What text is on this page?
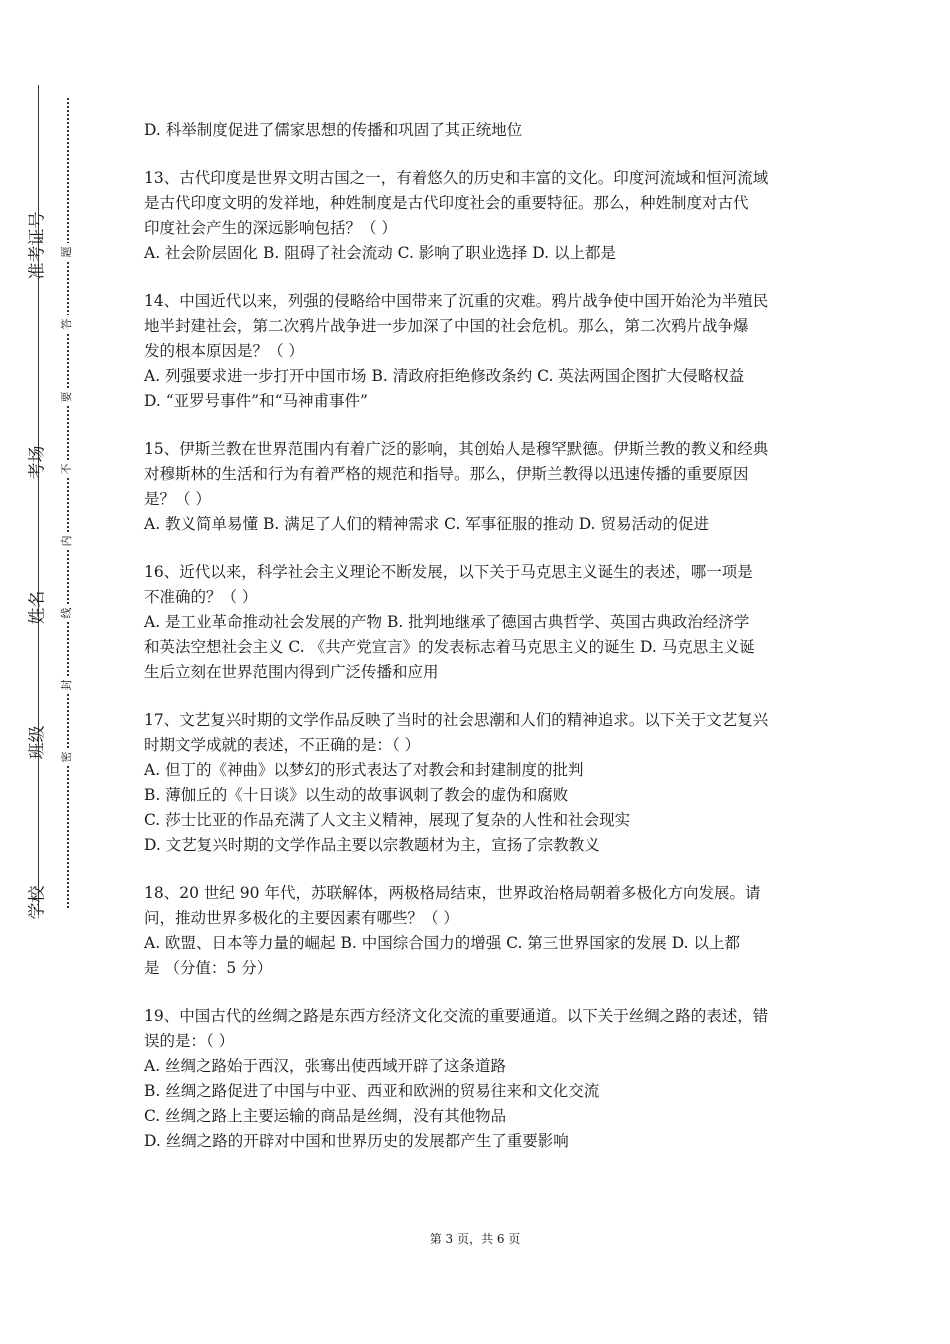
准考证号
考场
姓名
班级
学校
题
答
要
不
内
线
封
密

D. 科举制度促进了儒家思想的传播和巩固了其正统地位

13、古代印度是世界文明古国之一，有着悠久的历史和丰富的文化。印度河流域和恒河流域

是古代印度文明的发祥地，种姓制度是古代印度社会的重要特征。那么，种姓制度对古代

印度社会产生的深远影响包括？（ ）

A. 社会阶层固化 B. 阻碍了社会流动 C. 影响了职业选择 D. 以上都是

14、中国近代以来，列强的侵略给中国带来了沉重的灾难。鸦片战争使中国开始沦为半殖民

地半封建社会，第二次鸦片战争进一步加深了中国的社会危机。那么，第二次鸦片战争爆

发的根本原因是？（ ）

A. 列强要求进一步打开中国市场 B. 清政府拒绝修改条约 C. 英法两国企图扩大侵略权益

D. “亚罗号事件”和“马神甫事件”

15、伊斯兰教在世界范围内有着广泛的影响，其创始人是穆罕默德。伊斯兰教的教义和经典

对穆斯林的生活和行为有着严格的规范和指导。那么，伊斯兰教得以迅速传播的重要原因

是？（ ）

A. 教义简单易懂 B. 满足了人们的精神需求 C. 军事征服的推动 D. 贸易活动的促进

16、近代以来，科学社会主义理论不断发展，以下关于马克思主义诞生的表述，哪一项是

不准确的？（ ）

A. 是工业革命推动社会发展的产物 B. 批判地继承了德国古典哲学、英国古典政治经济学

和英法空想社会主义 C. 《共产党宣言》的发表标志着马克思主义的诞生 D. 马克思主义诞

生后立刻在世界范围内得到广泛传播和应用

17、文艺复兴时期的文学作品反映了当时的社会思潮和人们的精神追求。以下关于文艺复兴

时期文学成就的表述，不正确的是：（ ）

A. 但丁的《神曲》以梦幻的形式表达了对教会和封建制度的批判

B. 薄伽丘的《十日谈》以生动的故事讽刺了教会的虚伪和腐败

C. 莎士比亚的作品充满了人文主义精神，展现了复杂的人性和社会现实

D. 文艺复兴时期的文学作品主要以宗教题材为主，宣扬了宗教教义

18、20 世纪 90 年代，苏联解体，两极格局结束，世界政治格局朝着多极化方向发展。请

问，推动世界多极化的主要因素有哪些？（ ）

A. 欧盟、日本等力量的崛起 B. 中国综合国力的增强 C. 第三世界国家的发展 D. 以上都

是 （分值：5 分）

19、中国古代的丝绸之路是东西方经济文化交流的重要通道。以下关于丝绸之路的表述，错

误的是：（ ）

A. 丝绸之路始于西汉，张骞出使西域开辟了这条道路

B. 丝绸之路促进了中国与中亚、西亚和欧洲的贸易往来和文化交流

C. 丝绸之路上主要运输的商品是丝绸，没有其他物品

D. 丝绸之路的开辟对中国和世界历史的发展都产生了重要影响

第 3 页，共 6 页
